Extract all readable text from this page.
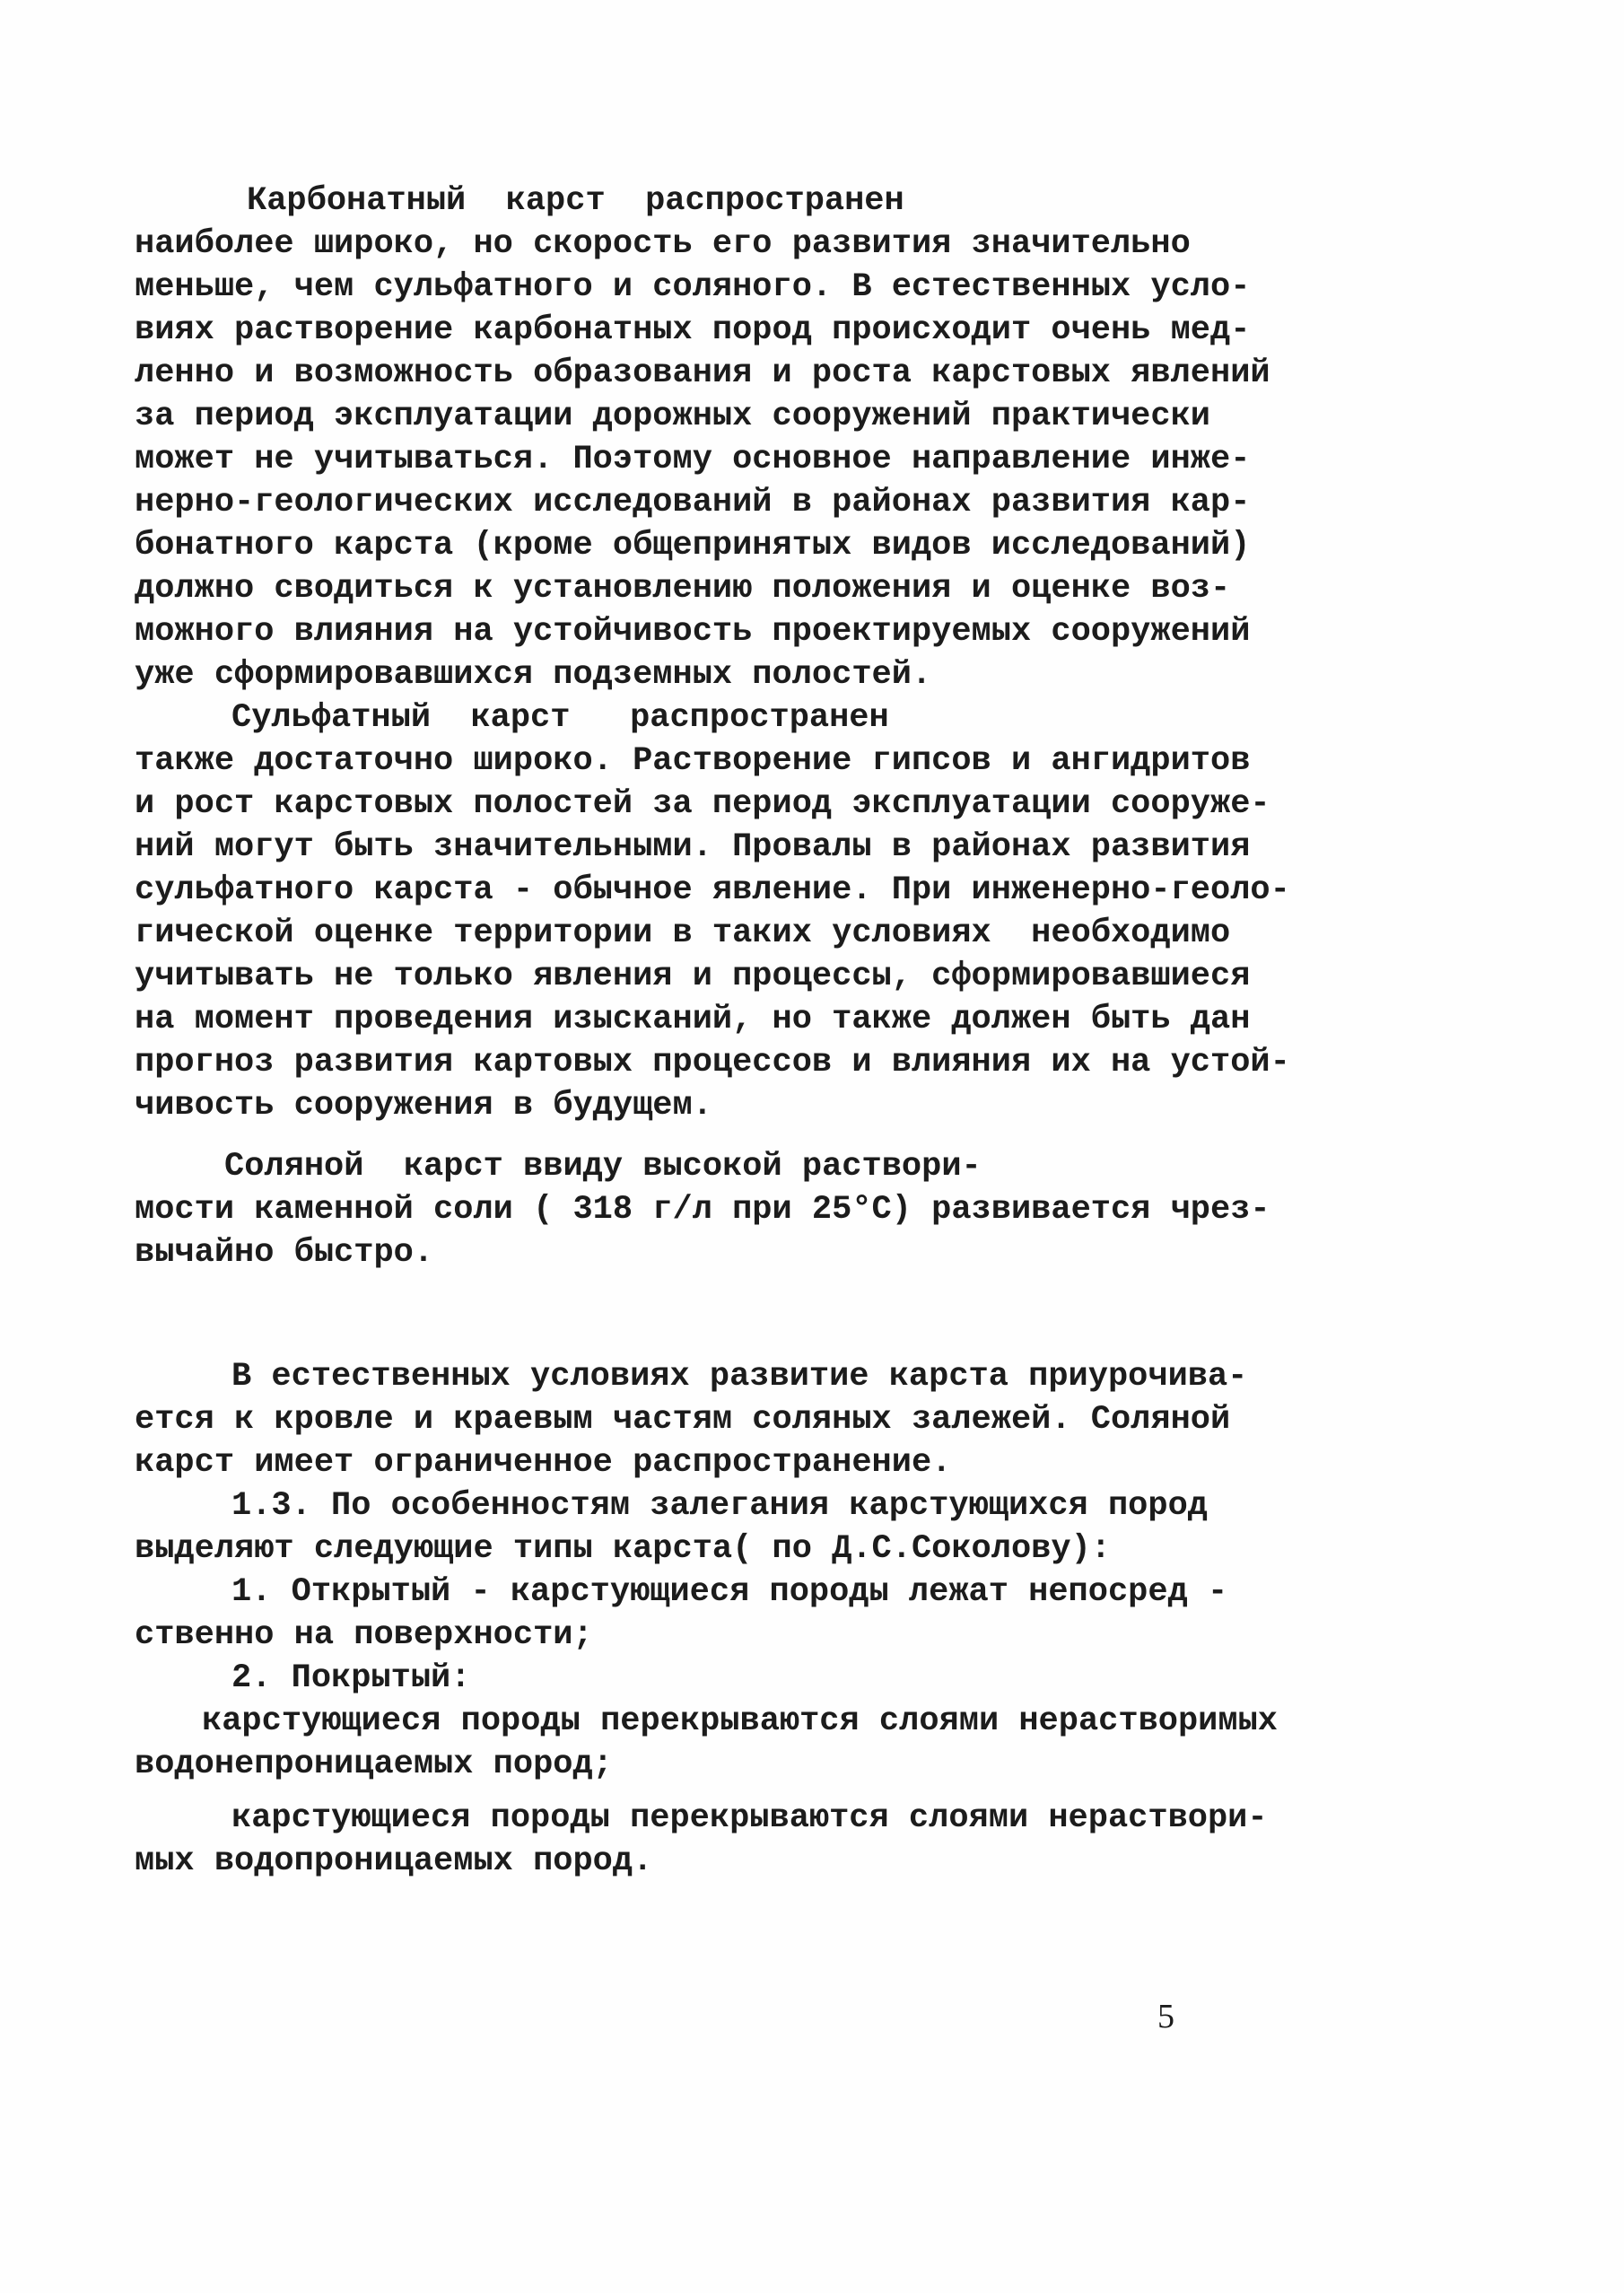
Карбонатный  карст  распространен
наиболее широко, но скорость его развития значительно
меньше, чем сульфатного и соляного. В естественных усло-
виях растворение карбонатных пород происходит очень мед-
ленно и возможность образования и роста карстовых явлений
за период эксплуатации дорожных сооружений практически
может не учитываться. Поэтому основное направление инже-
нерно-геологических исследований в районах развития кар-
бонатного карста (кроме общепринятых видов исследований)
должно сводиться к установлению положения и оценке воз-
можного влияния на устойчивость проектируемых сооружений
уже сформировавшихся подземных полостей.
Сульфатный  карст   распространен
также достаточно широко. Растворение гипсов и ангидритов
и рост карстовых полостей за период эксплуатации сооруже-
ний могут быть значительными. Провалы в районах развития
сульфатного карста - обычное явление. При инженерно-геоло-
гической оценке территории в таких условиях  необходимо
учитывать не только явления и процессы, сформировавшиеся
на момент проведения изысканий, но также должен быть дан
прогноз развития картовых процессов и влияния их на устой-
чивость сооружения в будущем.
Соляной  карст ввиду высокой раствори-
мости каменной соли ( 318 г/л при 25°С) развивается чрез-
вычайно быстро.
В естественных условиях развитие карста приурочива-
ется к кровле и краевым частям соляных залежей. Соляной
карст имеет ограниченное распространение.
1.3. По особенностям залегания карстующихся пород
выделяют следующие типы карста( по Д.С.Соколову):
1. Открытый - карстующиеся породы лежат непосред -
ственно на поверхности;
2. Покрытый:
карстующиеся породы перекрываются слоями нерастворимых
водонепроницаемых пород;
карстующиеся породы перекрываются слоями нераствори-
мых водопроницаемых пород.
5
